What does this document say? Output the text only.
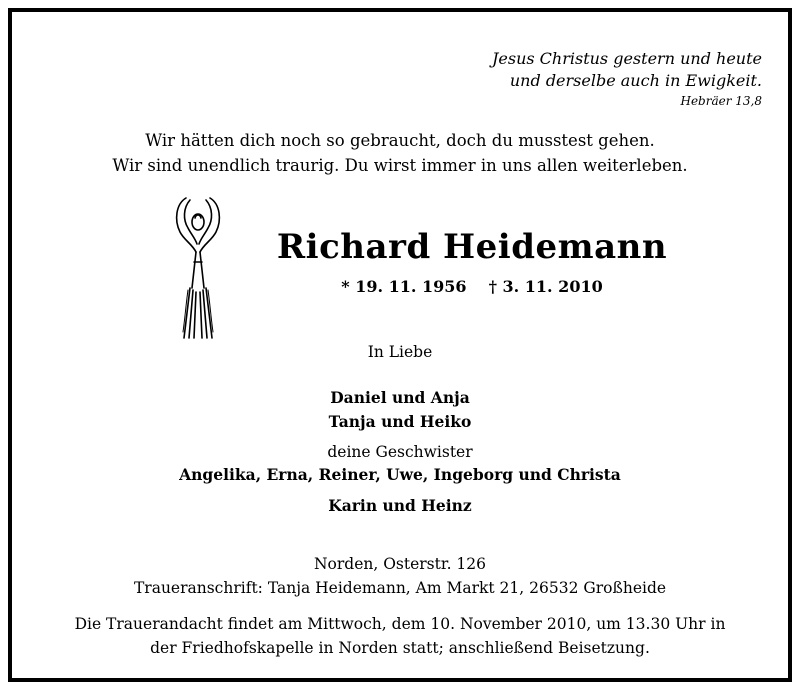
Jesus Christus gestern und heute
und derselbe auch in Ewigkeit.
Hebräer 13,8
Wir hätten dich noch so gebraucht, doch du musstest gehen.
Wir sind unendlich traurig. Du wirst immer in uns allen weiterleben.
Richard Heidemann
* 19. 11. 1956 † 3. 11. 2010
In Liebe
Daniel und Anja
Tanja und Heiko
deine Geschwister
Angelika, Erna, Reiner, Uwe, Ingeborg und Christa
Karin und Heinz
Norden, Osterstr. 126
Traueranschrift: Tanja Heidemann, Am Markt 21, 26532 Großheide
Die Trauerandacht findet am Mittwoch, dem 10. November 2010, um 13.30 Uhr in
der Friedhofskapelle in Norden statt; anschließend Beisetzung.
